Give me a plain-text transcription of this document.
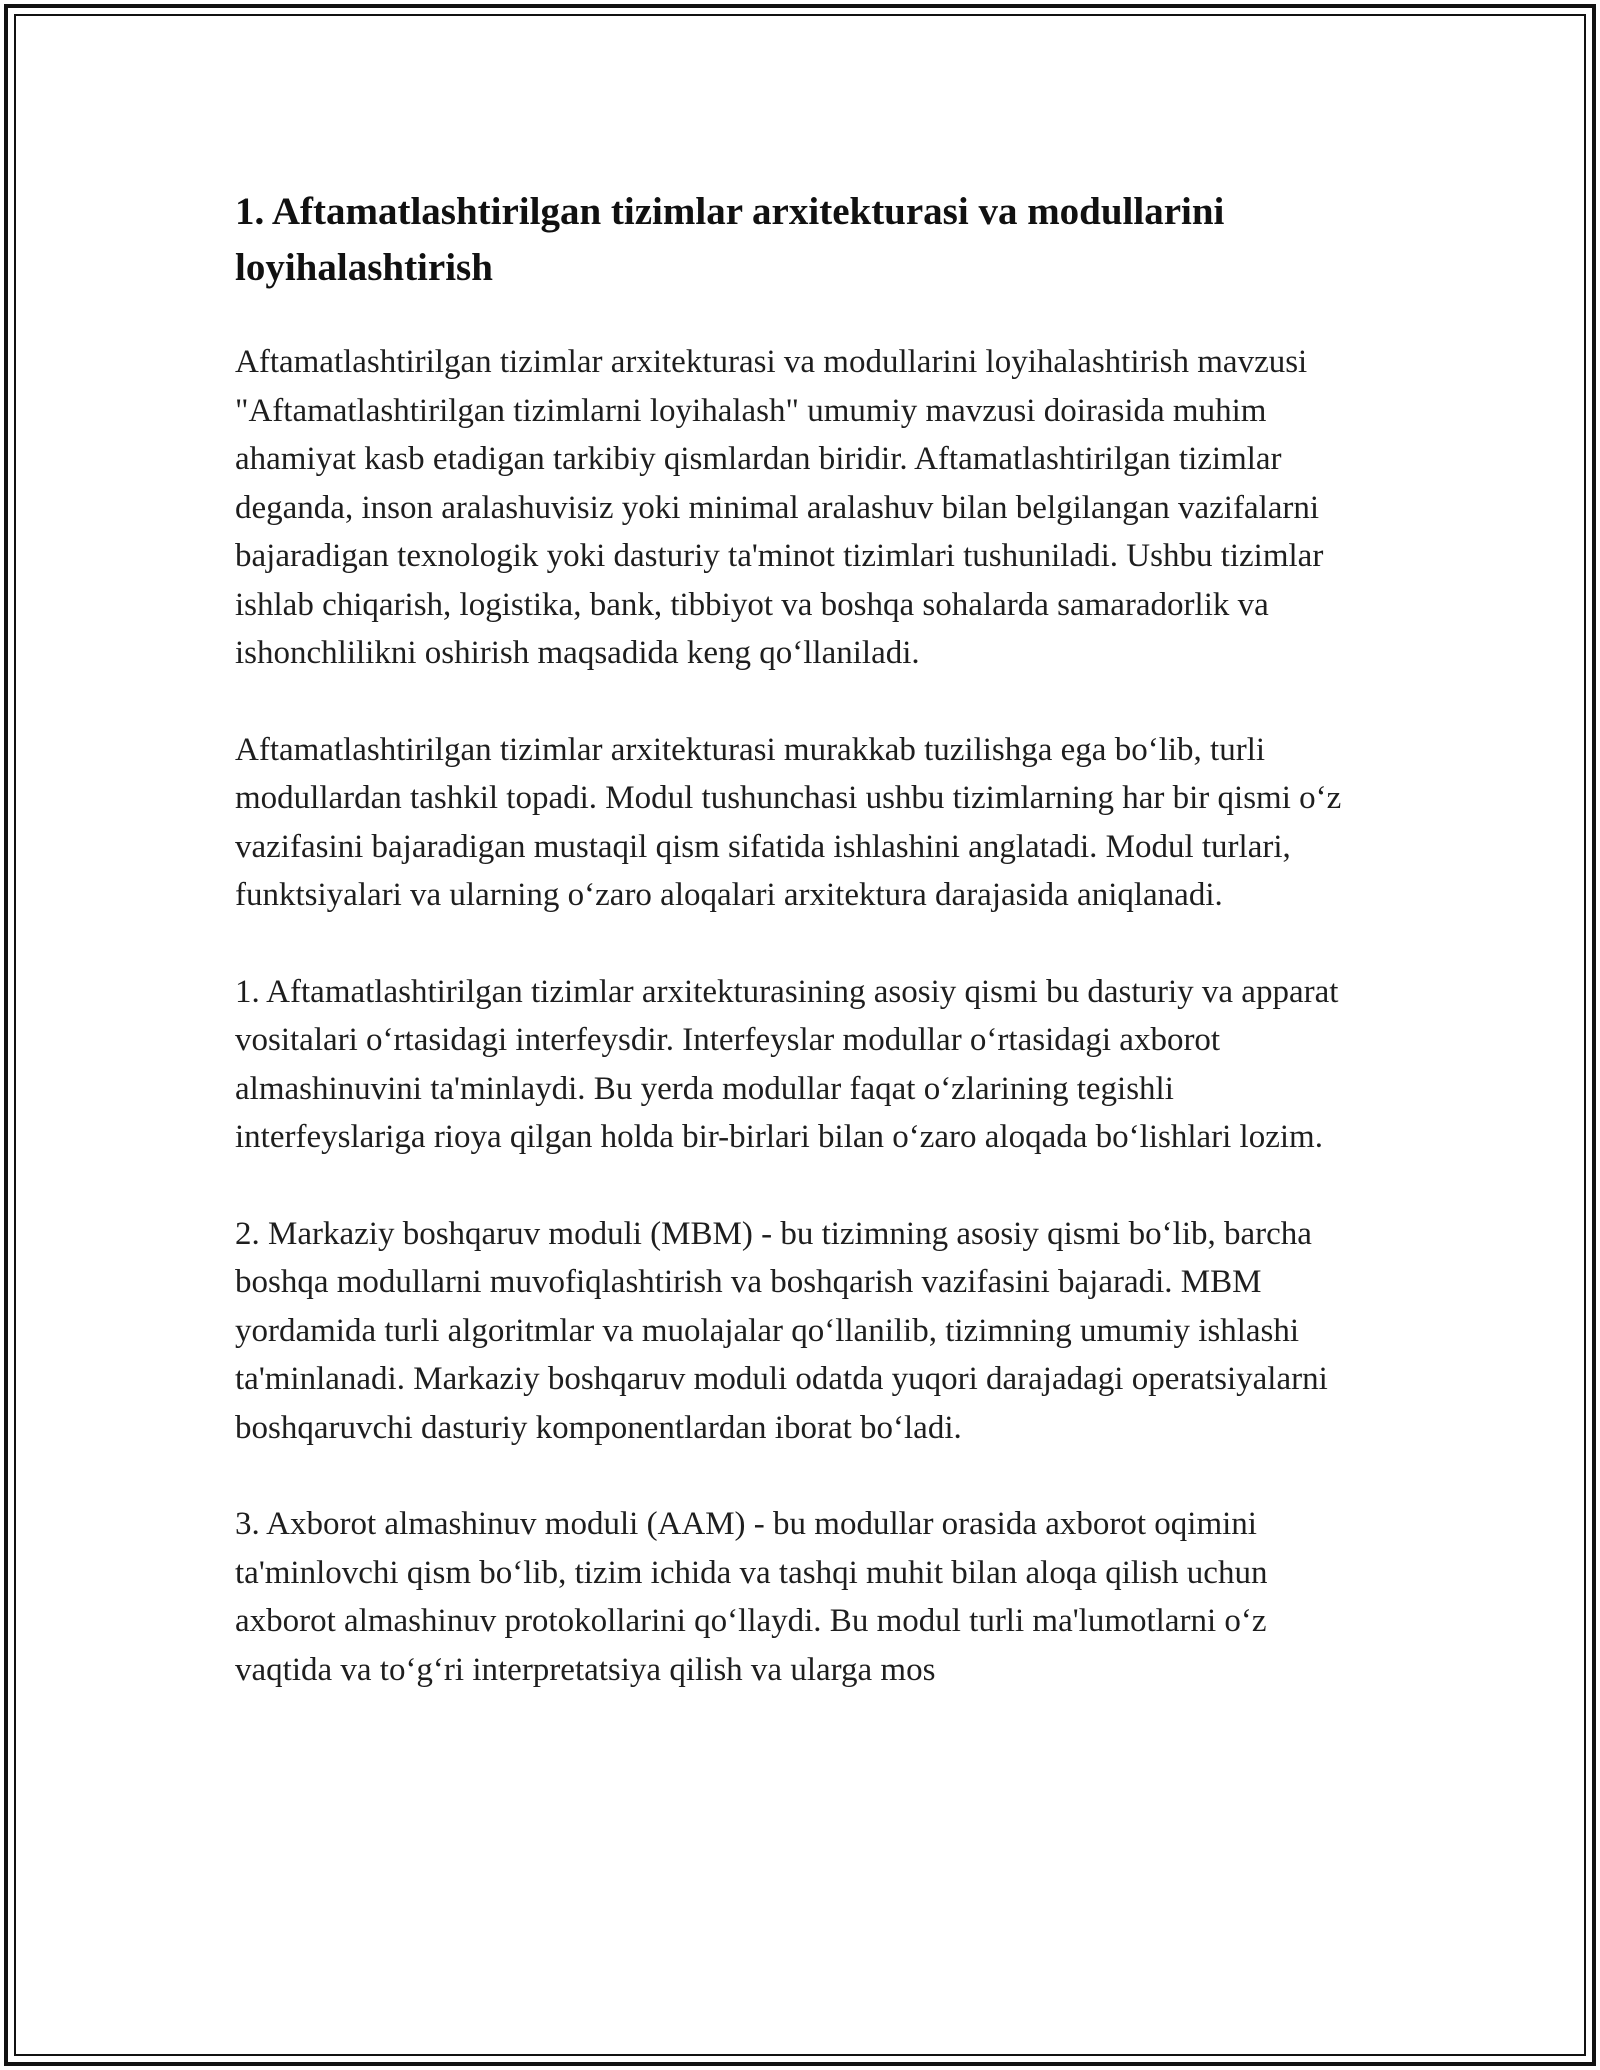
1. Aftamatlashtirilgan tizimlar arxitekturasi va modullarini loyihalashtirish

Aftamatlashtirilgan tizimlar arxitekturasi va modullarini loyihalashtirish mavzusi "Aftamatlashtirilgan tizimlarni loyihalash" umumiy mavzusi doirasida muhim ahamiyat kasb etadigan tarkibiy qismlardan biridir. Aftamatlashtirilgan tizimlar deganda, inson aralashuvisiz yoki minimal aralashuv bilan belgilangan vazifalarni bajaradigan texnologik yoki dasturiy ta'minot tizimlari tushuniladi. Ushbu tizimlar ishlab chiqarish, logistika, bank, tibbiyot va boshqa sohalarda samaradorlik va ishonchlilikni oshirish maqsadida keng qo‘llaniladi.

Aftamatlashtirilgan tizimlar arxitekturasi murakkab tuzilishga ega bo‘lib, turli modullardan tashkil topadi. Modul tushunchasi ushbu tizimlarning har bir qismi o‘z vazifasini bajaradigan mustaqil qism sifatida ishlashini anglatadi. Modul turlari, funktsiyalari va ularning o‘zaro aloqalari arxitektura darajasida aniqlanadi.

1. Aftamatlashtirilgan tizimlar arxitekturasining asosiy qismi bu dasturiy va apparat vositalari o‘rtasidagi interfeysdir. Interfeyslar modullar o‘rtasidagi axborot almashinuvini ta'minlaydi. Bu yerda modullar faqat o‘zlarining tegishli interfeyslariga rioya qilgan holda bir-birlari bilan o‘zaro aloqada bo‘lishlari lozim.

2. Markaziy boshqaruv moduli (MBM) - bu tizimning asosiy qismi bo‘lib, barcha boshqa modullarni muvofiqlashtirish va boshqarish vazifasini bajaradi. MBM yordamida turli algoritmlar va muolajalar qo‘llanilib, tizimning umumiy ishlashi ta'minlanadi. Markaziy boshqaruv moduli odatda yuqori darajadagi operatsiyalarni boshqaruvchi dasturiy komponentlardan iborat bo‘ladi.

3. Axborot almashinuv moduli (AAM) - bu modullar orasida axborot oqimini ta'minlovchi qism bo‘lib, tizim ichida va tashqi muhit bilan aloqa qilish uchun axborot almashinuv protokollarini qo‘llaydi. Bu modul turli ma'lumotlarni o‘z vaqtida va to‘g‘ri interpretatsiya qilish va ularga mos
